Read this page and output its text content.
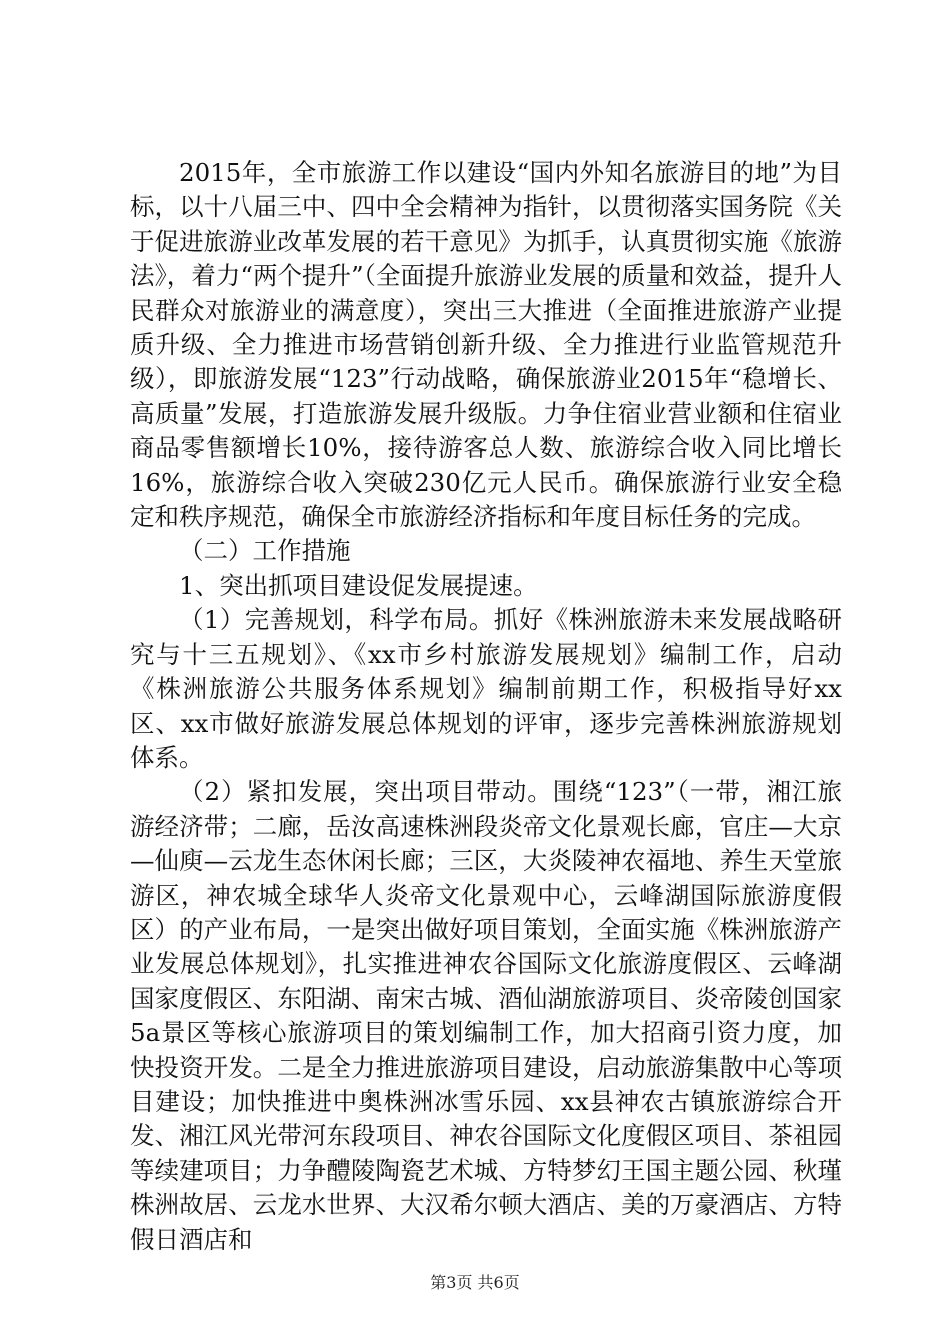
2015年，全市旅游工作以建设“国内外知名旅游目的地”为目标，以十八届三中、四中全会精神为指针，以贯彻落实国务院《关于促进旅游业改革发展的若干意见》为抓手，认真贯彻实施《旅游法》，着力“两个提升”（全面提升旅游业发展的质量和效益，提升人民群众对旅游业的满意度），突出三大推进（全面推进旅游产业提质升级、全力推进市场营销创新升级、全力推进行业监管规范升级），即旅游发展“123”行动战略，确保旅游业2015年“稳增长、高质量”发展，打造旅游发展升级版。力争住宿业营业额和住宿业商品零售额增长10%，接待游客总人数、旅游综合收入同比增长16%，旅游综合收入突破230亿元人民币。确保旅游行业安全稳定和秩序规范，确保全市旅游经济指标和年度目标任务的完成。

（二）工作措施

1、突出抓项目建设促发展提速。

（1）完善规划，科学布局。抓好《株洲旅游未来发展战略研究与十三五规划》、《xx市乡村旅游发展规划》编制工作，启动《株洲旅游公共服务体系规划》编制前期工作，积极指导好xx区、xx市做好旅游发展总体规划的评审，逐步完善株洲旅游规划体系。

（2）紧扣发展，突出项目带动。围绕“123”（一带，湘江旅游经济带；二廊，岳汝高速株洲段炎帝文化景观长廊，官庄—大京—仙庾—云龙生态休闲长廊；三区，大炎陵神农福地、养生天堂旅游区，神农城全球华人炎帝文化景观中心，云峰湖国际旅游度假区）的产业布局，一是突出做好项目策划，全面实施《株洲旅游产业发展总体规划》，扎实推进神农谷国际文化旅游度假区、云峰湖国家度假区、东阳湖、南宋古城、酒仙湖旅游项目、炎帝陵创国家5a景区等核心旅游项目的策划编制工作，加大招商引资力度，加快投资开发。二是全力推进旅游项目建设，启动旅游集散中心等项目建设；加快推进中奥株洲冰雪乐园、xx县神农古镇旅游综合开发、湘江风光带河东段项目、神农谷国际文化度假区项目、茶祖园等续建项目；力争醴陵陶瓷艺术城、方特梦幻王国主题公园、秋瑾株洲故居、云龙水世界、大汉希尔顿大酒店、美的万豪酒店、方特假日酒店和

第3页 共6页
